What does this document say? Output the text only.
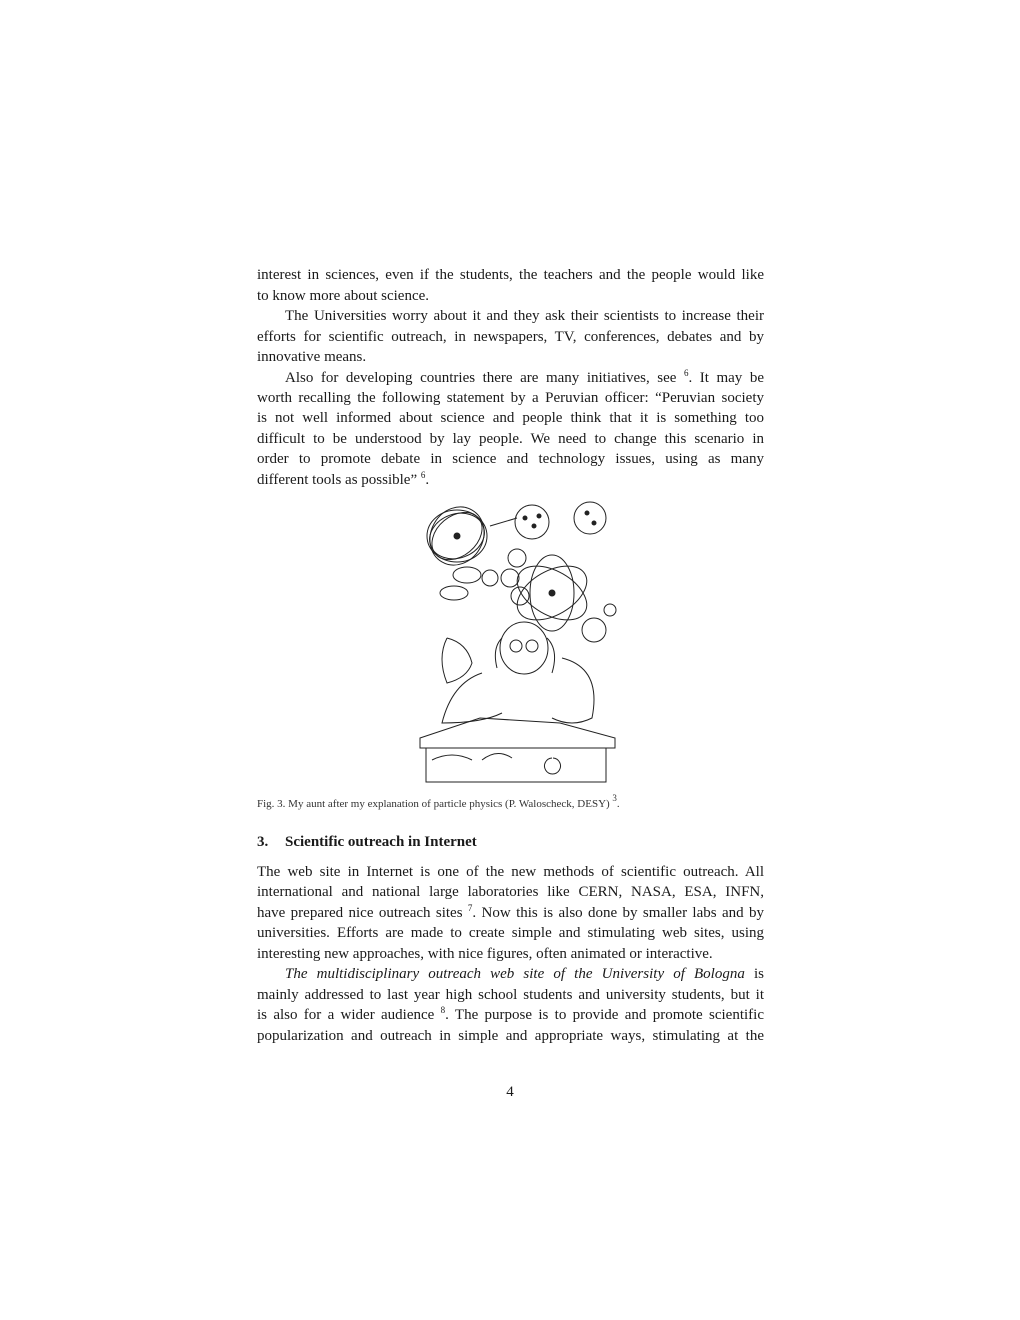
interest in sciences, even if the students, the teachers and the people would like
to know more about science.
The Universities worry about it and they ask their scientists to increase their
efforts for scientific outreach, in newspapers, TV, conferences, debates and by
innovative means.
Also for developing countries there are many initiatives, see $^6$. It may be
worth recalling the following statement by a Peruvian officer: “Peruvian society
is not well informed about science and people think that it is something too
difficult to be understood by lay people. We need to change this scenario in
order to promote debate in science and technology issues, using as many
different tools as possible” $^6$.
Fig. 3. My aunt after my explanation of particle physics (P. Waloscheck, DESY) $^3$.
3. Scientific outreach in Internet
The web site in Internet is one of the new methods of scientific outreach. All
international and national large laboratories like CERN, NASA, ESA, INFN,
have prepared nice outreach sites $^7$. Now this is also done by smaller labs and by
universities. Efforts are made to create simple and stimulating web sites, using
interesting new approaches, with nice figures, often animated or interactive.
The multidisciplinary outreach web site of the University of Bologna is
mainly addressed to last year high school students and university students, but it
is also for a wider audience $^8$. The purpose is to provide and promote scientific
popularization and outreach in simple and appropriate ways, stimulating at the
4
